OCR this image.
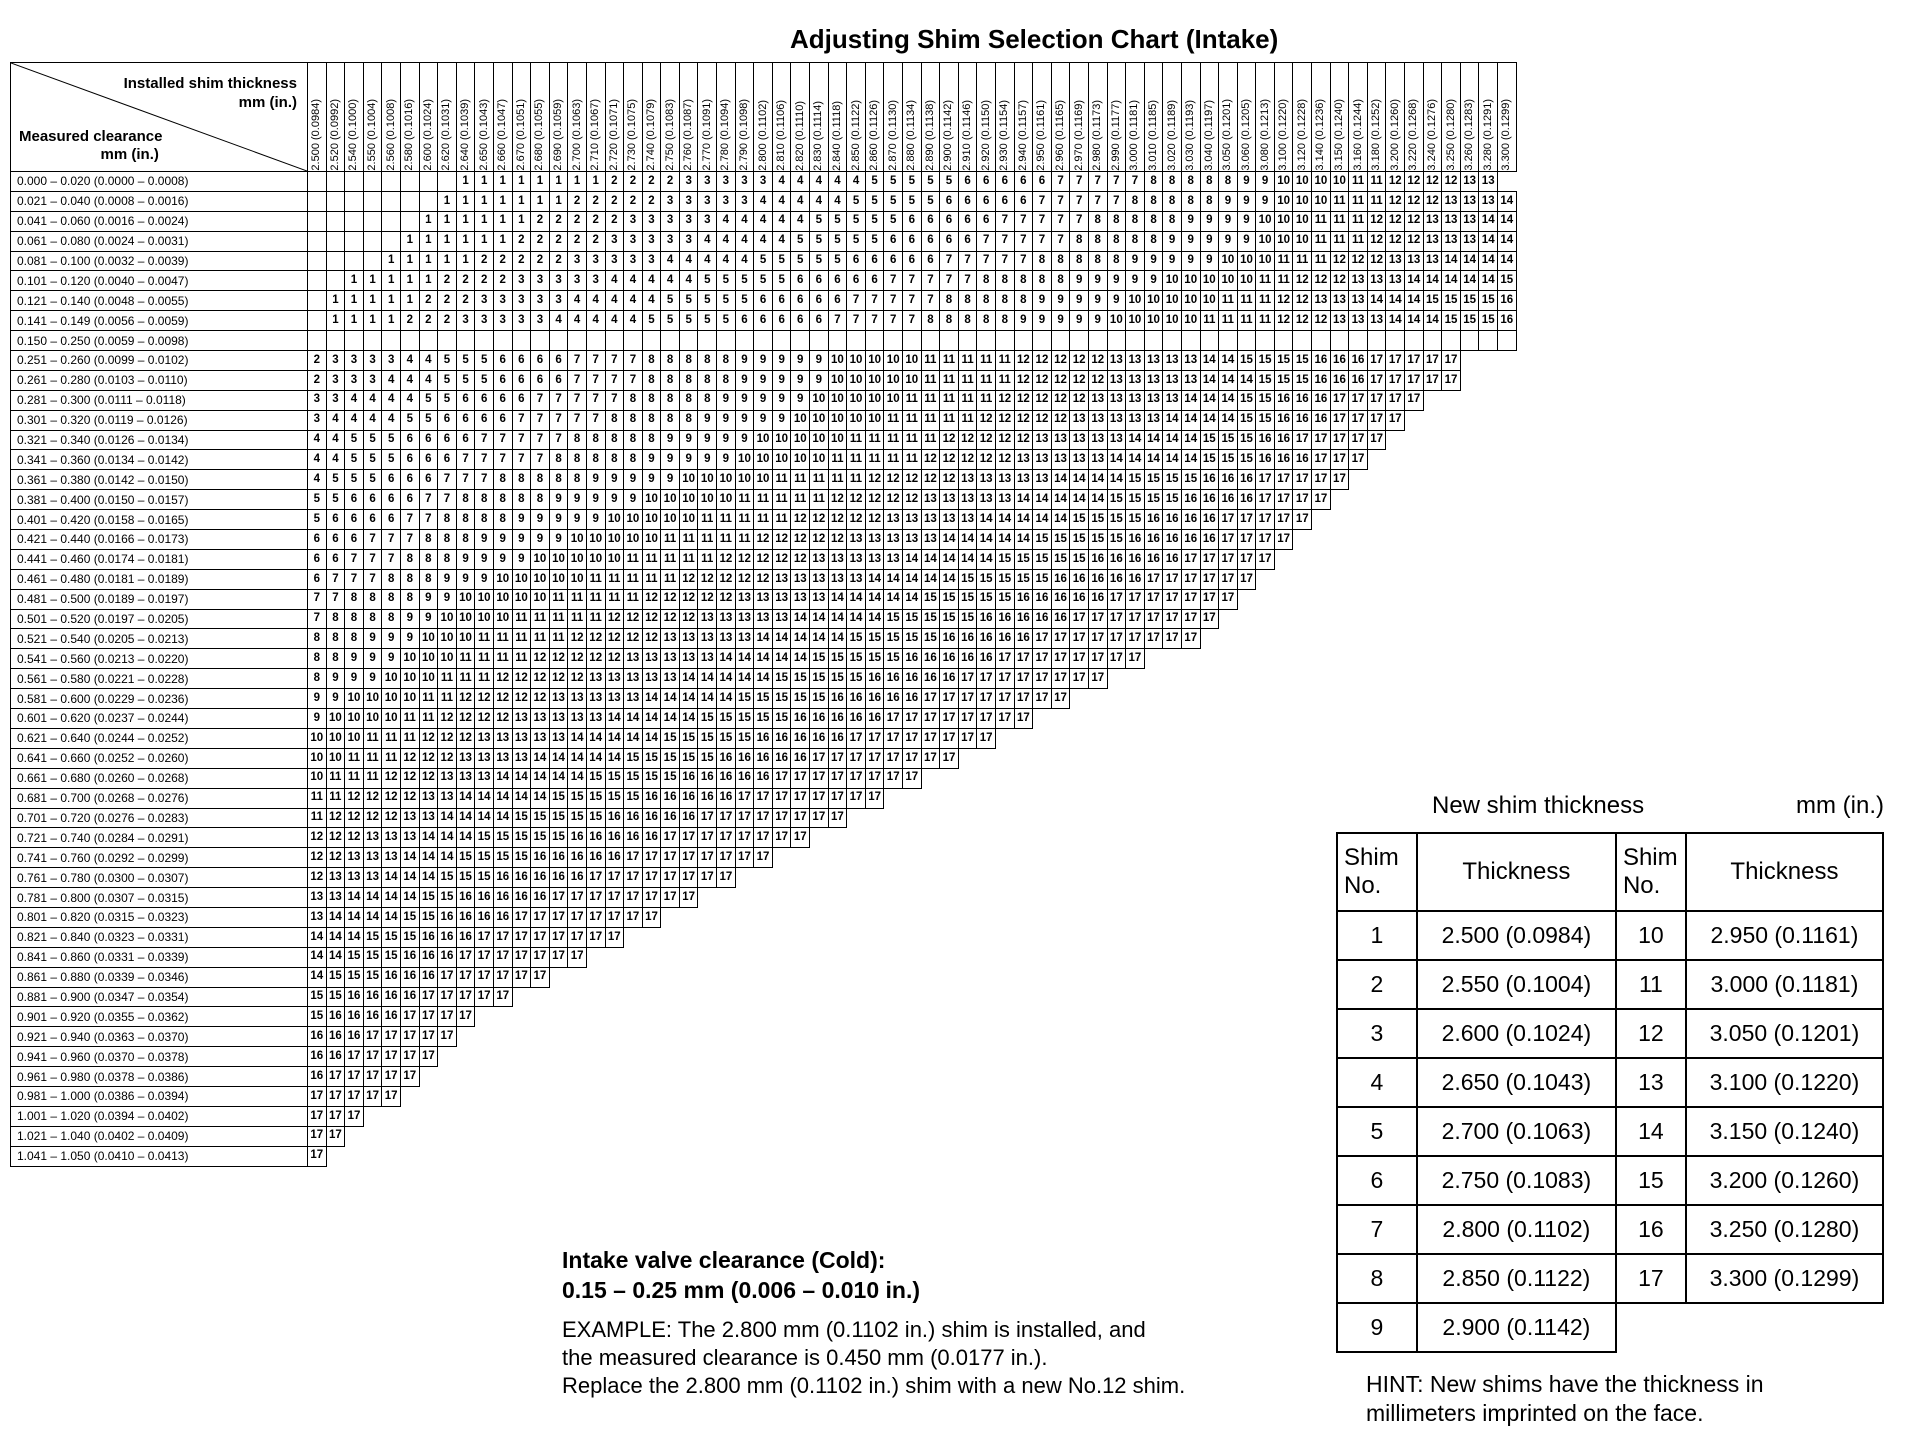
Adjusting Shim Selection Chart (Intake)
Installed shim thickness
mm (in.)
Measured clearance
mm (in.)	2.500 (0.0984)	2.520 (0.0992)	2.540 (0.1000)	2.550 (0.1004)	2.560 (0.1008)	2.580 (0.1016)	2.600 (0.1024)	2.620 (0.1031)	2.640 (0.1039)	2.650 (0.1043)	2.660 (0.1047)	2.670 (0.1051)	2.680 (0.1055)	2.690 (0.1059)	2.700 (0.1063)	2.710 (0.1067)	2.720 (0.1071)	2.730 (0.1075)	2.740 (0.1079)	2.750 (0.1083)	2.760 (0.1087)	2.770 (0.1091)	2.780 (0.1094)	2.790 (0.1098)	2.800 (0.1102)	2.810 (0.1106)	2.820 (0.1110)	2.830 (0.1114)	2.840 (0.1118)	2.850 (0.1122)	2.860 (0.1126)	2.870 (0.1130)	2.880 (0.1134)	2.890 (0.1138)	2.900 (0.1142)	2.910 (0.1146)	2.920 (0.1150)	2.930 (0.1154)	2.940 (0.1157)	2.950 (0.1161)	2.960 (0.1165)	2.970 (0.1169)	2.980 (0.1173)	2.990 (0.1177)	3.000 (0.1181)	3.010 (0.1185)	3.020 (0.1189)	3.030 (0.1193)	3.040 (0.1197)	3.050 (0.1201)	3.060 (0.1205)	3.080 (0.1213)	3.100 (0.1220)	3.120 (0.1228)	3.140 (0.1236)	3.150 (0.1240)	3.160 (0.1244)	3.180 (0.1252)	3.200 (0.1260)	3.220 (0.1268)	3.240 (0.1276)	3.250 (0.1280)	3.260 (0.1283)	3.280 (0.1291)	3.300 (0.1299)

0.000 – 0.020 (0.0000 – 0.0008)									1	1	1	1	1	1	1	1	2	2	2	2	3	3	3	3	3	4	4	4	4	4	5	5	5	5	5	6	6	6	6	6	7	7	7	7	7	8	8	8	8	8	9	9	10	10	10	10	11	11	12	12	12	12	13	13	
0.021 – 0.040 (0.0008 – 0.0016)								1	1	1	1	1	1	1	2	2	2	2	2	3	3	3	3	3	4	4	4	4	4	5	5	5	5	5	6	6	6	6	6	7	7	7	7	7	8	8	8	8	8	9	9	9	10	10	10	11	11	11	12	12	12	13	13	13	14
0.041 – 0.060 (0.0016 – 0.0024)							1	1	1	1	1	1	2	2	2	2	2	3	3	3	3	3	4	4	4	4	4	5	5	5	5	5	6	6	6	6	6	7	7	7	7	7	8	8	8	8	8	9	9	9	9	10	10	10	11	11	11	12	12	12	13	13	13	14	14
0.061 – 0.080 (0.0024 – 0.0031)						1	1	1	1	1	1	2	2	2	2	2	3	3	3	3	3	4	4	4	4	4	5	5	5	5	5	6	6	6	6	6	7	7	7	7	7	8	8	8	8	8	9	9	9	9	9	10	10	10	11	11	11	12	12	12	13	13	13	14	14
0.081 – 0.100 (0.0032 – 0.0039)					1	1	1	1	1	2	2	2	2	2	3	3	3	3	3	4	4	4	4	4	5	5	5	5	5	6	6	6	6	6	7	7	7	7	7	8	8	8	8	8	9	9	9	9	9	10	10	10	11	11	11	12	12	12	13	13	13	14	14	14	14
0.101 – 0.120 (0.0040 – 0.0047)			1	1	1	1	1	2	2	2	2	3	3	3	3	3	4	4	4	4	4	5	5	5	5	5	6	6	6	6	6	7	7	7	7	7	8	8	8	8	8	9	9	9	9	9	10	10	10	10	10	11	11	12	12	12	13	13	13	14	14	14	14	14	15
0.121 – 0.140 (0.0048 – 0.0055)		1	1	1	1	1	2	2	2	3	3	3	3	3	4	4	4	4	4	5	5	5	5	5	6	6	6	6	6	7	7	7	7	7	8	8	8	8	8	9	9	9	9	9	10	10	10	10	10	11	11	11	12	12	13	13	13	14	14	14	15	15	15	15	16
0.141 – 0.149 (0.0056 – 0.0059)		1	1	1	1	2	2	2	3	3	3	3	3	4	4	4	4	4	5	5	5	5	5	6	6	6	6	6	7	7	7	7	7	8	8	8	8	8	9	9	9	9	9	10	10	10	10	10	11	11	11	11	12	12	12	13	13	13	14	14	14	15	15	15	16
0.150 – 0.250 (0.0059 – 0.0098)																																																																	
0.251 – 0.260 (0.0099 – 0.0102)	2	3	3	3	3	4	4	5	5	5	6	6	6	6	7	7	7	7	8	8	8	8	8	9	9	9	9	9	10	10	10	10	10	11	11	11	11	11	12	12	12	12	12	13	13	13	13	13	14	14	15	15	15	15	16	16	16	17	17	17	17	17			
0.261 – 0.280 (0.0103 – 0.0110)	2	3	3	3	4	4	4	5	5	5	6	6	6	6	7	7	7	7	8	8	8	8	8	9	9	9	9	9	10	10	10	10	10	11	11	11	11	11	12	12	12	12	12	13	13	13	13	13	14	14	14	15	15	15	16	16	16	17	17	17	17	17			
0.281 – 0.300 (0.0111 – 0.0118)	3	3	4	4	4	4	5	5	6	6	6	6	7	7	7	7	7	8	8	8	8	8	9	9	9	9	9	10	10	10	10	10	11	11	11	11	11	12	12	12	12	12	13	13	13	13	13	14	14	14	15	15	16	16	16	17	17	17	17	17					
0.301 – 0.320 (0.0119 – 0.0126)	3	4	4	4	4	5	5	6	6	6	6	7	7	7	7	7	8	8	8	8	8	9	9	9	9	9	10	10	10	10	10	11	11	11	11	11	12	12	12	12	12	13	13	13	13	13	14	14	14	14	15	15	16	16	16	17	17	17	17						
0.321 – 0.340 (0.0126 – 0.0134)	4	4	5	5	5	6	6	6	6	7	7	7	7	7	8	8	8	8	8	9	9	9	9	9	10	10	10	10	10	11	11	11	11	11	12	12	12	12	12	13	13	13	13	13	14	14	14	14	15	15	15	16	16	17	17	17	17	17							
0.341 – 0.360 (0.0134 – 0.0142)	4	4	5	5	5	6	6	6	7	7	7	7	7	8	8	8	8	8	9	9	9	9	9	10	10	10	10	10	11	11	11	11	11	12	12	12	12	12	13	13	13	13	13	14	14	14	14	14	15	15	15	16	16	16	17	17	17								
0.361 – 0.380 (0.0142 – 0.0150)	4	5	5	5	6	6	6	7	7	7	8	8	8	8	8	9	9	9	9	9	10	10	10	10	10	11	11	11	11	11	12	12	12	12	12	13	13	13	13	13	14	14	14	14	15	15	15	15	16	16	16	17	17	17	17	17									
0.381 – 0.400 (0.0150 – 0.0157)	5	5	6	6	6	6	7	7	8	8	8	8	8	9	9	9	9	9	10	10	10	10	10	11	11	11	11	11	12	12	12	12	12	13	13	13	13	13	14	14	14	14	14	15	15	15	15	16	16	16	16	17	17	17	17										
0.401 – 0.420 (0.0158 – 0.0165)	5	6	6	6	6	7	7	8	8	8	8	9	9	9	9	9	10	10	10	10	10	11	11	11	11	11	12	12	12	12	12	13	13	13	13	13	14	14	14	14	14	15	15	15	15	16	16	16	16	17	17	17	17	17											
0.421 – 0.440 (0.0166 – 0.0173)	6	6	6	7	7	7	8	8	8	9	9	9	9	9	10	10	10	10	10	11	11	11	11	11	12	12	12	12	12	13	13	13	13	13	14	14	14	14	14	15	15	15	15	15	16	16	16	16	16	17	17	17	17												
0.441 – 0.460 (0.0174 – 0.0181)	6	6	7	7	7	8	8	8	9	9	9	9	10	10	10	10	10	11	11	11	11	11	12	12	12	12	12	13	13	13	13	13	14	14	14	14	14	15	15	15	15	15	16	16	16	16	16	17	17	17	17	17													
0.461 – 0.480 (0.0181 – 0.0189)	6	7	7	7	8	8	8	9	9	9	10	10	10	10	10	11	11	11	11	11	12	12	12	12	12	13	13	13	13	13	14	14	14	14	14	15	15	15	15	15	16	16	16	16	16	17	17	17	17	17	17														
0.481 – 0.500 (0.0189 – 0.0197)	7	7	8	8	8	8	9	9	10	10	10	10	10	11	11	11	11	11	12	12	12	12	12	13	13	13	13	13	14	14	14	14	14	15	15	15	15	15	16	16	16	16	16	17	17	17	17	17	17	17															
0.501 – 0.520 (0.0197 – 0.0205)	7	8	8	8	8	9	9	10	10	10	10	11	11	11	11	11	12	12	12	12	12	13	13	13	13	13	14	14	14	14	14	15	15	15	15	15	16	16	16	16	16	17	17	17	17	17	17	17	17																
0.521 – 0.540 (0.0205 – 0.0213)	8	8	8	9	9	9	10	10	10	11	11	11	11	11	12	12	12	12	12	13	13	13	13	13	14	14	14	14	14	15	15	15	15	15	16	16	16	16	16	17	17	17	17	17	17	17	17	17																	
0.541 – 0.560 (0.0213 – 0.0220)	8	8	9	9	9	10	10	10	11	11	11	11	12	12	12	12	12	13	13	13	13	13	14	14	14	14	14	15	15	15	15	15	16	16	16	16	16	17	17	17	17	17	17	17	17																				
0.561 – 0.580 (0.0221 – 0.0228)	8	9	9	9	10	10	10	11	11	11	12	12	12	12	12	13	13	13	13	13	14	14	14	14	14	15	15	15	15	15	16	16	16	16	16	17	17	17	17	17	17	17	17																						
0.581 – 0.600 (0.0229 – 0.0236)	9	9	10	10	10	10	11	11	12	12	12	12	12	13	13	13	13	13	14	14	14	14	14	15	15	15	15	15	16	16	16	16	16	17	17	17	17	17	17	17	17																								
0.601 – 0.620 (0.0237 – 0.0244)	9	10	10	10	10	11	11	12	12	12	12	13	13	13	13	13	14	14	14	14	14	15	15	15	15	15	16	16	16	16	16	17	17	17	17	17	17	17	17																										
0.621 – 0.640 (0.0244 – 0.0252)	10	10	10	11	11	11	12	12	12	13	13	13	13	13	14	14	14	14	14	15	15	15	15	15	16	16	16	16	16	17	17	17	17	17	17	17	17																												
0.641 – 0.660 (0.0252 – 0.0260)	10	10	11	11	11	12	12	12	13	13	13	13	14	14	14	14	14	15	15	15	15	15	16	16	16	16	16	17	17	17	17	17	17	17	17																														
0.661 – 0.680 (0.0260 – 0.0268)	10	11	11	11	12	12	12	13	13	13	14	14	14	14	14	15	15	15	15	15	16	16	16	16	16	17	17	17	17	17	17	17	17																																
0.681 – 0.700 (0.0268 – 0.0276)	11	11	12	12	12	12	13	13	14	14	14	14	14	15	15	15	15	15	16	16	16	16	16	17	17	17	17	17	17	17	17																																		
0.701 – 0.720 (0.0276 – 0.0283)	11	12	12	12	12	13	13	14	14	14	14	15	15	15	15	15	16	16	16	16	16	17	17	17	17	17	17	17	17																																				
0.721 – 0.740 (0.0284 – 0.0291)	12	12	12	13	13	13	14	14	14	15	15	15	15	15	16	16	16	16	16	17	17	17	17	17	17	17	17																																						
0.741 – 0.760 (0.0292 – 0.0299)	12	12	13	13	13	14	14	14	15	15	15	15	16	16	16	16	16	17	17	17	17	17	17	17	17																																								
0.761 – 0.780 (0.0300 – 0.0307)	12	13	13	13	14	14	14	15	15	15	16	16	16	16	16	17	17	17	17	17	17	17	17																																										
0.781 – 0.800 (0.0307 – 0.0315)	13	13	14	14	14	14	15	15	16	16	16	16	16	17	17	17	17	17	17	17	17																																												
0.801 – 0.820 (0.0315 – 0.0323)	13	14	14	14	14	15	15	16	16	16	16	17	17	17	17	17	17	17	17																																														
0.821 – 0.840 (0.0323 – 0.0331)	14	14	14	15	15	15	16	16	16	17	17	17	17	17	17	17	17																																																
0.841 – 0.860 (0.0331 – 0.0339)	14	14	15	15	15	16	16	16	17	17	17	17	17	17	17																																																		
0.861 – 0.880 (0.0339 – 0.0346)	14	15	15	15	16	16	16	17	17	17	17	17	17																																																				
0.881 – 0.900 (0.0347 – 0.0354)	15	15	16	16	16	16	17	17	17	17	17																																																						
0.901 – 0.920 (0.0355 – 0.0362)	15	16	16	16	16	17	17	17	17																																																								
0.921 – 0.940 (0.0363 – 0.0370)	16	16	16	17	17	17	17	17																																																									
0.941 – 0.960 (0.0370 – 0.0378)	16	16	17	17	17	17	17																																																										
0.961 – 0.980 (0.0378 – 0.0386)	16	17	17	17	17	17																																																											
0.981 – 1.000 (0.0386 – 0.0394)	17	17	17	17	17																																																												
1.001 – 1.020 (0.0394 – 0.0402)	17	17	17																																																														
1.021 – 1.040 (0.0402 – 0.0409)	17	17																																																															
1.041 – 1.050 (0.0410 – 0.0413)	17																																																																
Intake valve clearance (Cold):
0.15 – 0.25 mm (0.006 – 0.010 in.)
EXAMPLE: The 2.800 mm (0.1102 in.) shim is installed, and
the measured clearance is 0.450 mm (0.0177 in.).
Replace the 2.800 mm (0.1102 in.) shim with a new No.12 shim.
New shim thickness	mm (in.)
Shim
No.	Thickness	Shim
No.	Thickness
1	2.500 (0.0984)	10	2.950 (0.1161)
2	2.550 (0.1004)	11	3.000 (0.1181)
3	2.600 (0.1024)	12	3.050 (0.1201)
4	2.650 (0.1043)	13	3.100 (0.1220)
5	2.700 (0.1063)	14	3.150 (0.1240)
6	2.750 (0.1083)	15	3.200 (0.1260)
7	2.800 (0.1102)	16	3.250 (0.1280)
8	2.850 (0.1122)	17	3.300 (0.1299)
9	2.900 (0.1142)		
HINT: New shims have the thickness in
millimeters imprinted on the face.
